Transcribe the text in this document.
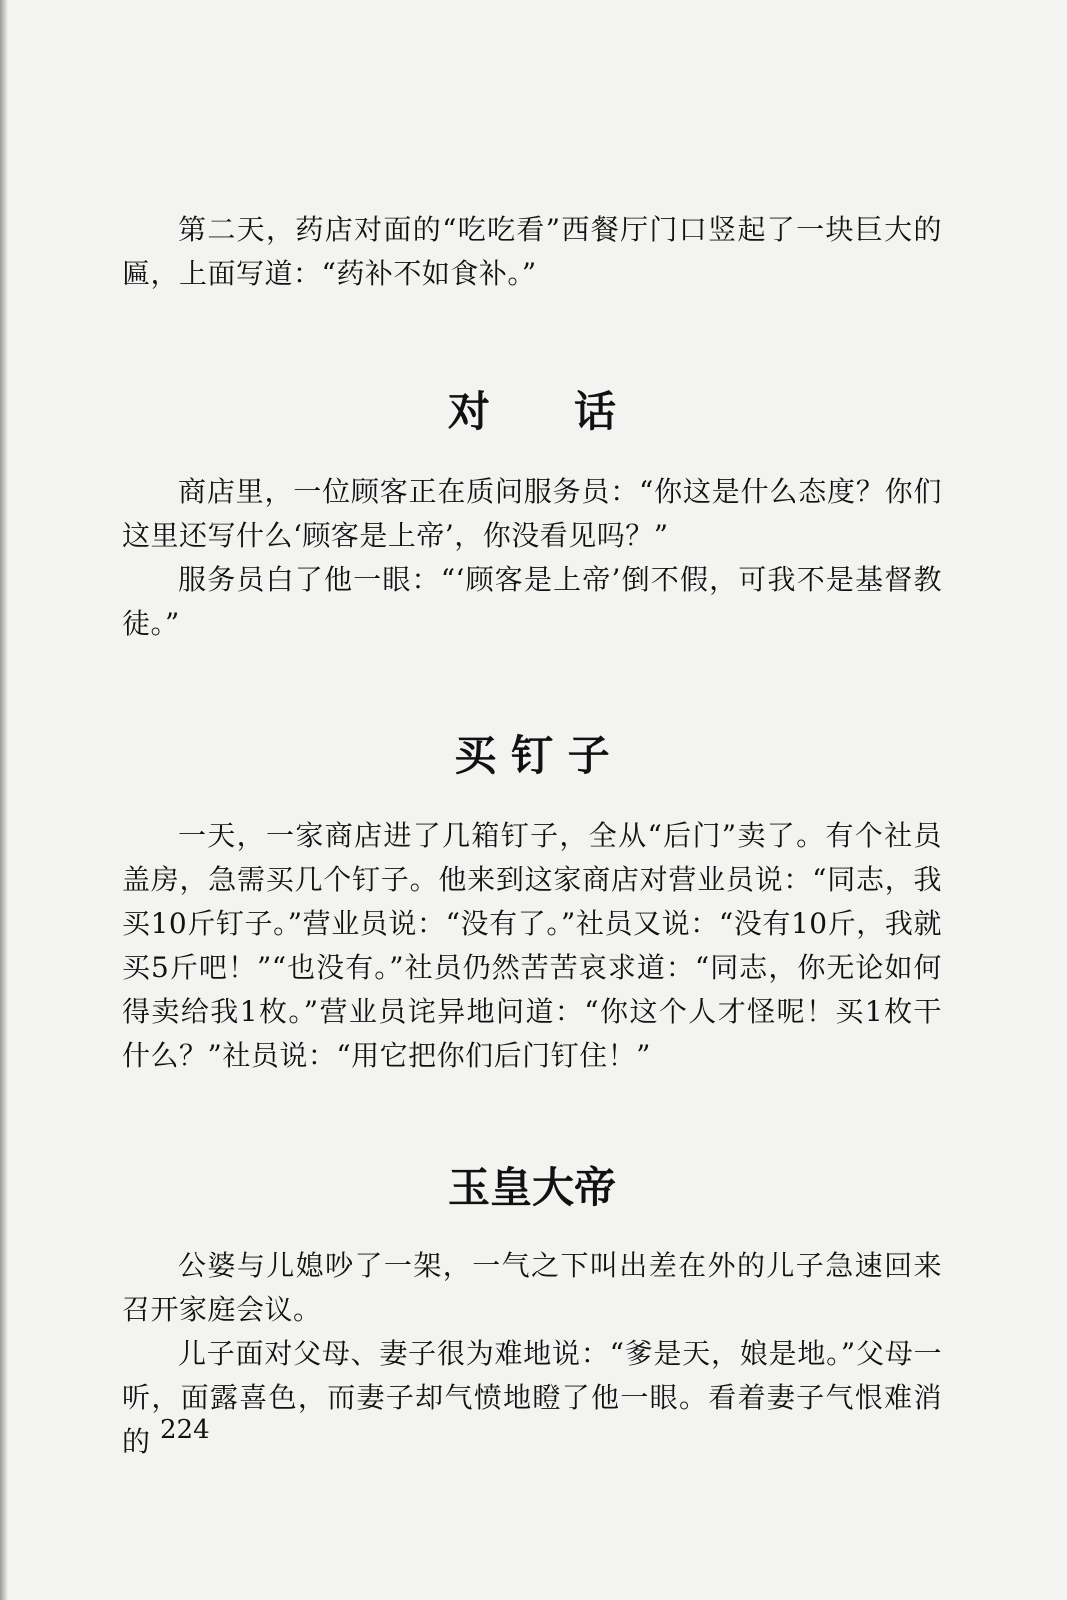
第二天，药店对面的“吃吃看”西餐厅门口竖起了一块巨大的匾，上面写道：“药补不如食补。”

对　　话

商店里，一位顾客正在质问服务员：“你这是什么态度？你们这里还写什么‘顾客是上帝’，你没看见吗？”

服务员白了他一眼：“‘顾客是上帝’倒不假，可我不是基督教徒。”

买 钉 子

一天，一家商店进了几箱钉子，全从“后门”卖了。有个社员盖房，急需买几个钉子。他来到这家商店对营业员说：“同志，我买10斤钉子。”营业员说：“没有了。”社员又说：“没有10斤，我就买5斤吧！”“也没有。”社员仍然苦苦哀求道：“同志，你无论如何得卖给我1枚。”营业员诧异地问道：“你这个人才怪呢！买1枚干什么？”社员说：“用它把你们后门钉住！”

玉皇大帝

公婆与儿媳吵了一架，一气之下叫出差在外的儿子急速回来召开家庭会议。

儿子面对父母、妻子很为难地说：“爹是天，娘是地。”父母一听，面露喜色，而妻子却气愤地瞪了他一眼。看着妻子气恨难消的 224
